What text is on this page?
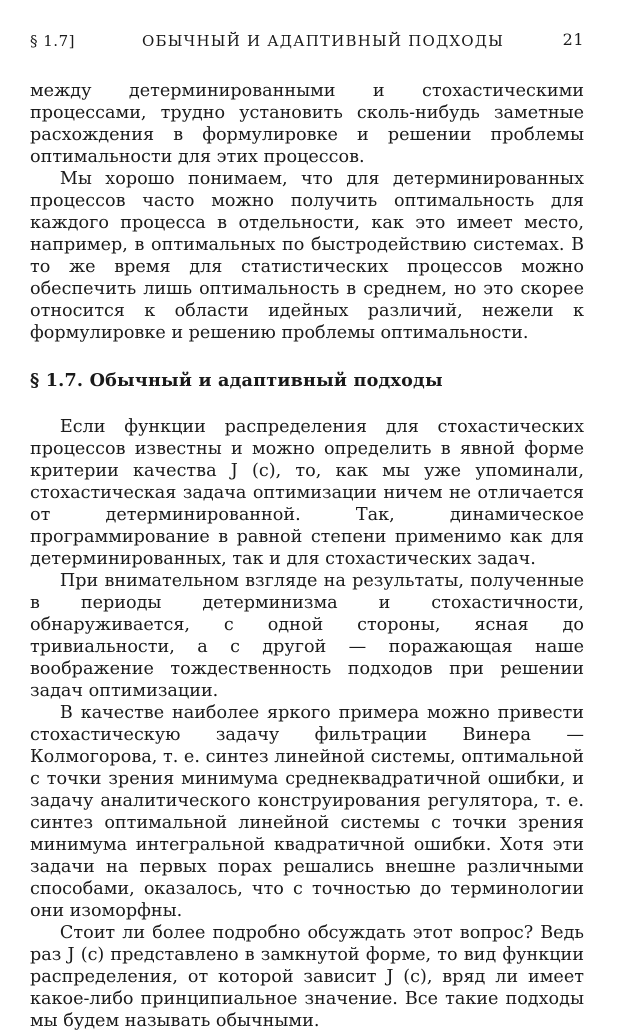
§ 1.7]	ОБЫЧНЫЙ И АДАПТИВНЫЙ ПОДХОДЫ	21

между детерминированными и стохастическими процессами, трудно установить сколь-нибудь заметные расхождения в формулировке и решении проблемы оптимальности для этих процессов.

Мы хорошо понимаем, что для детерминированных процессов часто можно получить оптимальность для каждого процесса в отдельности, как это имеет место, например, в оптимальных по быстродействию системах. В то же время для статистических процессов можно обеспечить лишь оптимальность в среднем, но это скорее относится к области идейных различий, нежели к формулировке и решению проблемы оптимальности.

§ 1.7. Обычный и адаптивный подходы

Если функции распределения для стохастических процессов известны и можно определить в явной форме критерии качества J (c), то, как мы уже упоминали, стохастическая задача оптимизации ничем не отличается от детерминированной. Так, динамическое программирование в равной степени применимо как для детерминированных, так и для стохастических задач.

При внимательном взгляде на результаты, полученные в периоды детерминизма и стохастичности, обнаруживается, с одной стороны, ясная до тривиальности, а с другой — поражающая наше воображение тождественность подходов при решении задач оптимизации.

В качестве наиболее яркого примера можно привести стохастическую задачу фильтрации Винера — Колмогорова, т. е. синтез линейной системы, оптимальной с точки зрения минимума среднеквадратичной ошибки, и задачу аналитического конструирования регулятора, т. е. синтез оптимальной линейной системы с точки зрения минимума интегральной квадратичной ошибки. Хотя эти задачи на первых порах решались внешне различными способами, оказалось, что с точностью до терминологии они изоморфны.

Стоит ли более подробно обсуждать этот вопрос? Ведь раз J (c) представлено в замкнутой форме, то вид функции распределения, от которой зависит J (c), вряд ли имеет какое-либо принципиальное значение. Все такие подходы мы будем называть обычными.
